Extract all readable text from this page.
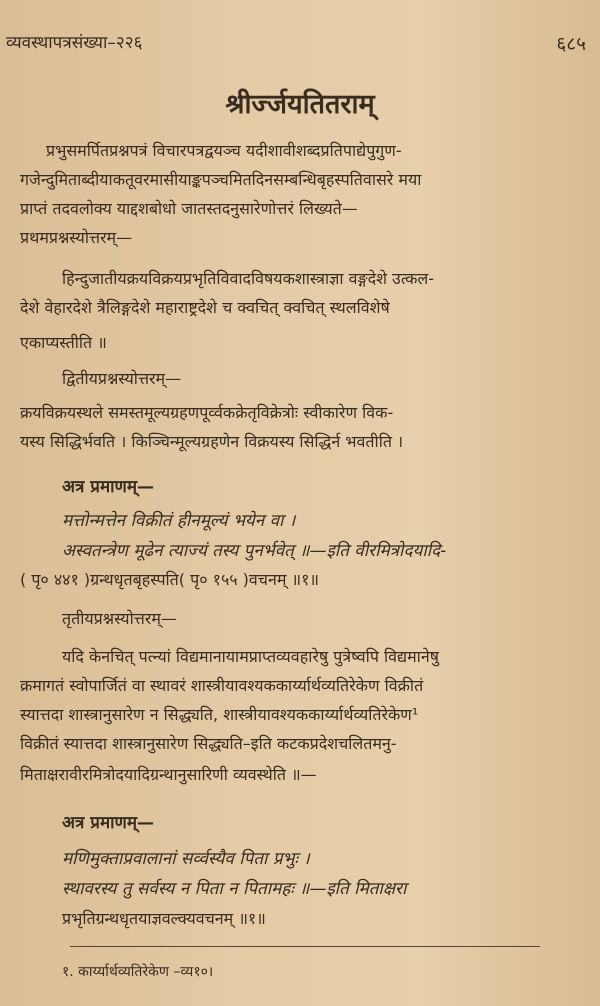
व्यवस्थापत्रसंख्या–२२६	६८५
श्रीर्ज्जयतितराम्
प्रभुसमर्पितप्रश्नपत्रं विचारपत्रद्वयञ्च यदीशावीशब्दप्रतिपाद्येपुगुण-
गजेन्दुमिताब्दीयाकतूवरमासीयाङ्कपञ्चमितदिनसम्बन्धिबृहस्पतिवासरे मया
प्राप्तं तदवलोक्य याद्दशबोधो जातस्तदनुसारेणोत्तरं लिख्यते—
प्रथमप्रश्नस्योत्तरम्—
हिन्दुजातीयक्रयविक्रयप्रभृतिविवादविषयकशास्त्राज्ञा वङ्गदेशे उत्कल-
देशे वेहारदेशे त्रैलिङ्गदेशे महाराष्ट्रदेशे च क्वचित् क्वचित् स्थलविशेषे
एकाप्यस्तीति ॥
द्वितीयप्रश्नस्योत्तरम्—
क्रयविक्रयस्थले समस्तमूल्यग्रहणपूर्व्वकक्रेतृविक्रेत्रोः स्वीकारेण विक-
यस्य सिद्धिर्भवति । किञ्चिन्मूल्यग्रहणेन विक्रयस्य सिद्धिर्न भवतीति ।
अत्र प्रमाणम्—
मत्तोन्मत्तेन विक्रीतं हीनमूल्यं भयेन वा ।
अस्वतन्त्रेण मूढेन त्याज्यं तस्य पुनर्भवेत् ॥—इति वीरमित्रोदयादि-
( पृ० ४४१ )ग्रन्थधृतबृहस्पति( पृ० १५५ )वचनम् ॥१॥
तृतीयप्रश्नस्योत्तरम्—
यदि केनचित् पत्न्यां विद्यमानायामप्राप्तव्यवहारेषु पुत्रेष्वपि विद्यमानेषु
क्रमागतं स्वोपार्जितं वा स्थावरं शास्त्रीयावश्यककार्य्यार्थव्यतिरेकेण विक्रीतं
स्यात्तदा शास्त्रानुसारेण न सिद्ध्यति, शास्त्रीयावश्यककार्य्यार्थव्यतिरेकेण¹
विक्रीतं स्यात्तदा शास्त्रानुसारेण सिद्ध्यति–इति कटकप्रदेशचलितमनु-
मिताक्षरावीरमित्रोदयादिग्रन्थानुसारिणी व्यवस्थेति ॥—
अत्र प्रमाणम्—
मणिमुक्ताप्रवालानां सर्व्वस्यैव पिता प्रभुः ।
स्थावरस्य तु सर्वस्य न पिता न पितामहः ॥—इति मिताक्षरा
प्रभृतिग्रन्थधृतयाज्ञवल्क्यवचनम् ॥१॥
१. कार्य्यार्थव्यतिरेकेण –व्य१०।
